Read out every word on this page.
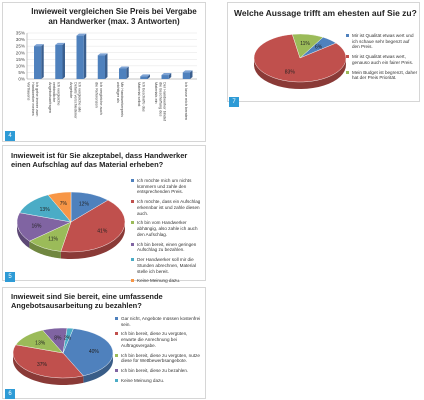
Inwieweit vergleichen Sie Preis bei Vergabe an Handwerker (max. 3 Antworten)
0%
5%
10%
15%
20%
25%
30%
35%
Ich gehe immer zumHandwerker meinesVertrauens	Ich vergleicheverbindlicheAngebotsanfragen	Ich vergleiche alleDetails verschiedenerAngebote	Ich vergleiche auchdie Referenzen	Mir Handwerkerpreiswichtiger als	Ich beschaffe dasMaterial selbst	Der Handwerker bindetdie Beschaffung desMaterials ein	Ich lasse mich beraten
4
Welche Aussage trifft am ehesten auf Sie zu?
6%
83%
11%
Mir ist Qualität etwas wert und ich schaue sehr begenzt auf den Preis.
Mir ist Qualität etwas wert, genauso auch ein fairer Preis.
Mein Budget ist begrenzt, daher hat der Preis Priorität.
7
Inwieweit ist für Sie akzeptabel, dass Handwerker einen Aufschlag auf das Material erheben?
12%
41%
11%
16%
13%
7%
Ich möchte mich um nichts kümmern und zahle den entsprechenden Preis.
Ich möchte, dass ein Aufschlag erkennbar ist und zahle diesen auch.
Ich bin vom Handwerker abhängig, also zahle ich auch den Aufschlag.
Ich bin bereit, einen geringen Aufschlag zu bezahlen.
Der Handwerker soll mir die Stunden abrechnen, Material stelle ich bereit.
Keine Meinung dazu.
5
Inwieweit sind Sie bereit, eine umfassende Angebotsausarbeitung zu bezahlen?
40%
37%
13%
8% 2%
Gar nicht, Angebote müssen kostenfrei sein.
Ich bin bereit, diese zu vergüten, erwarte die Anrechnung bei Auftragsvergabe.
Ich bin bereit, diese zu vergüten, nutze diese für Wettbewerbsangebote.
Ich bin bereit, diese zu bezahlen.
Keine Meinung dazu.
6
